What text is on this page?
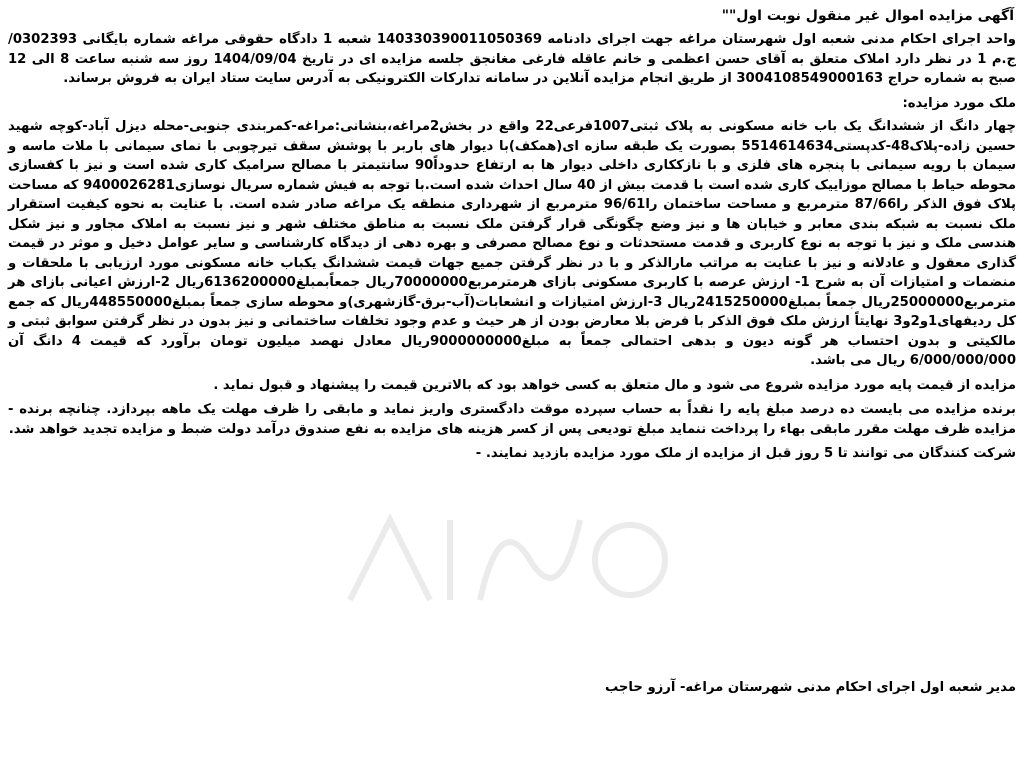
آگهی مزایده اموال غیر منقول نوبت اول""
واحد اجرای احکام مدنی شعبه اول شهرستان مراغه جهت اجرای دادنامه 140330390011050369 شعبه 1 دادگاه حقوقی مراغه شماره بایگانی 0302393/ج.م 1 در نظر دارد املاک متعلق به آقای حسن اعظمی و خانم عاقله فارغی مغانجق جلسه مزایده ای در تاریخ 1404/09/04 روز سه شنبه ساعت 8 الی 12 صبح به شماره حراج 3004108549000163 از طریق انجام مزایده آنلاین در سامانه تدارکات الکترونیکی به آدرس سایت ستاد ایران به فروش برساند.
ملک مورد مزایده:
چهار دانگ از ششدانگ یک باب خانه مسکونی به پلاک ثبتی1007فرعی22 واقع در بخش2مراغه،بنشانی:مراغه-کمربندی جنوبی-محله دیزل آباد-کوچه شهید حسین زاده-پلاک48-کدپستی5514614634 بصورت یک طبقه سازه ای(همکف)با دیوار های باربر با پوشش سقف تیرچوبی با نمای سیمانی با ملات ماسه و سیمان با رویه سیمانی با پنجره های فلزی و با نازککاری داخلی دیوار ها به ارتفاع حدوداً90 سانتیمتر با مصالح سرامیک کاری شده است و نیز با کفسازی محوطه حیاط با مصالح موزاییک کاری شده است با قدمت بیش از 40 سال احداث شده است.با توجه به فیش شماره سریال نوسازی9400026281 که مساحت پلاک فوق الذکر را87/66 مترمربع و مساحت ساختمان را96/61 مترمربع از شهرداری منطقه یک مراغه صادر شده است. با عنایت به نحوه کیفیت استقرار ملک نسبت به شبکه بندی معابر و خیابان ها و نیز وضع چگونگی قرار گرفتن ملک نسبت به مناطق مختلف شهر و نیز نسبت به املاک مجاور و نیز شکل هندسی ملک و نیز با توجه به نوع کاربری و قدمت مستحدثات و نوع مصالح مصرفی و بهره دهی از دیدگاه کارشناسی و سایر عوامل دخیل و موثر در قیمت گذاری معقول و عادلانه و نیز با عنایت به مراتب مارالذکر و با در نظر گرفتن جمیع جهات قیمت ششدانگ یکباب خانه مسکونی مورد ارزیابی با ملحقات و منضمات و امتیازات آن به شرح 1- ارزش عرصه با کاربری مسکونی بازای هرمترمربع70000000ریال جمعاًبمبلغ6136200000ریال 2-ارزش اعیانی بازای هر مترمربع25000000ریال جمعاً بمبلغ2415250000ریال 3-ارزش امتیازات و انشعابات(آب-برق-گازشهری)و محوطه سازی جمعاً بمبلغ448550000ریال که جمع کل ردیفهای1و2و3 نهایتاً ارزش ملک فوق الذکر با فرض بلا معارض بودن از هر حیث و عدم وجود تخلفات ساختمانی و نیز بدون در نظر گرفتن سوابق ثبتی و مالکیتی و بدون احتساب هر گونه دیون و بدهی احتمالی جمعاً به مبلغ9000000000ریال معادل نهصد میلیون تومان برآورد که قیمت 4 دانگ آن 6/000/000/000 ریال می باشد.
مزایده از قیمت پایه مورد مزایده شروع می شود و مال متعلق به کسی خواهد بود که بالاترین قیمت را پیشنهاد و قبول نماید .
برنده مزایده می بایست ده درصد مبلغ پایه را نقداً به حساب سپرده موقت دادگستری واریز نماید و مابقی را ظرف مهلت یک ماهه بپردازد. چنانچه برنده - مزایده ظرف مهلت مقرر مابقی بهاء را پرداخت ننماید مبلغ تودیعی پس از کسر هزینه های مزایده به نفع صندوق درآمد دولت ضبط و مزایده تجدید خواهد شد.
شرکت کنندگان می توانند تا 5 روز قبل از مزایده از ملک مورد مزایده بازدید نمایند. -
مدیر شعبه اول اجرای احکام مدنی شهرستان مراغه- آرزو حاجب
